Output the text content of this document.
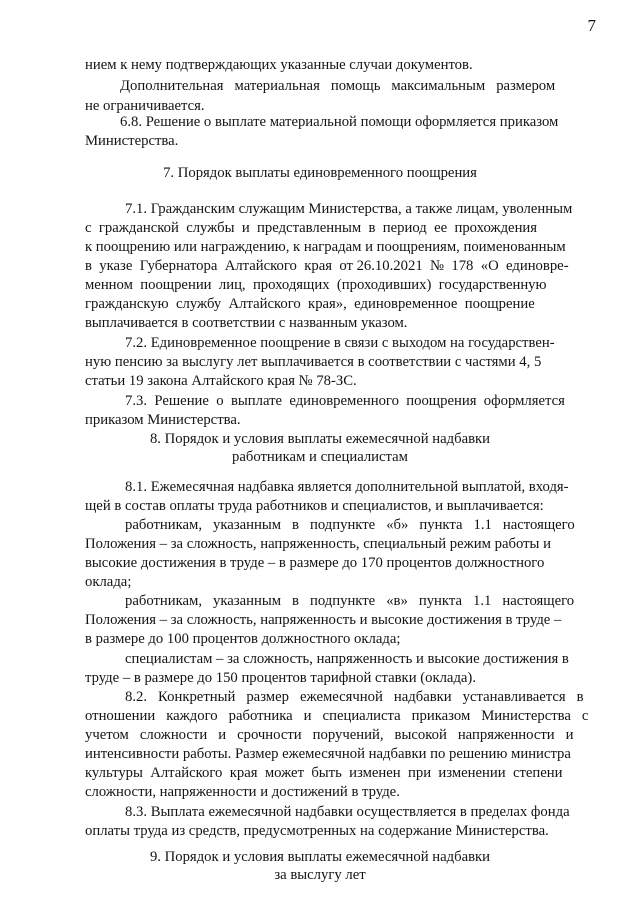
7
нием к нему подтверждающих указанные случаи документов.
Дополнительная   материальная   помощь   максимальным   размером
не ограничивается.
6.8. Решение о выплате материальной помощи оформляется приказом
Министерства.
7. Порядок выплаты единовременного поощрения
7.1. Гражданским служащим Министерства, а также лицам, уволенным
с  гражданской  службы  и  представленным  в  период  ее  прохождения
к поощрению или награждению, к наградам и поощрениям, поименованным
в  указе  Губернатора  Алтайского  края  от 26.10.2021  №  178  «О  единовре-
менном  поощрении  лиц,  проходящих  (проходивших)  государственную
гражданскую  службу  Алтайского  края»,  единовременное  поощрение
выплачивается в соответствии с названным указом.
7.2. Единовременное поощрение в связи с выходом на государствен-
ную пенсию за выслугу лет выплачивается в соответствии с частями 4, 5
статьи 19 закона Алтайского края № 78-ЗС.
7.3.  Решение  о  выплате  единовременного  поощрения  оформляется
приказом Министерства.
8. Порядок и условия выплаты ежемесячной надбавки
работникам и специалистам
8.1. Ежемесячная надбавка является дополнительной выплатой, входя-
щей в состав оплаты труда работников и специалистов, и выплачивается:
работникам,   указанным   в   подпункте   «б»   пункта   1.1   настоящего
Положения – за сложность, напряженность, специальный режим работы и
высокие достижения в труде – в размере до 170 процентов должностного
оклада;
работникам,   указанным   в   подпункте   «в»   пункта   1.1   настоящего
Положения – за сложность, напряженность и высокие достижения в труде –
в размере до 100 процентов должностного оклада;
специалистам – за сложность, напряженность и высокие достижения в
труде – в размере до 150 процентов тарифной ставки (оклада).
8.2.   Конкретный   размер   ежемесячной   надбавки   устанавливается   в
отношении   каждого   работника   и   специалиста   приказом   Министерства   с
учетом   сложности   и   срочности   поручений,   высокой   напряженности   и
интенсивности работы. Размер ежемесячной надбавки по решению министра
культуры  Алтайского  края  может  быть  изменен  при  изменении  степени
сложности, напряженности и достижений в труде.
8.3. Выплата ежемесячной надбавки осуществляется в пределах фонда
оплаты труда из средств, предусмотренных на содержание Министерства.
9. Порядок и условия выплаты ежемесячной надбавки
за выслугу лет
